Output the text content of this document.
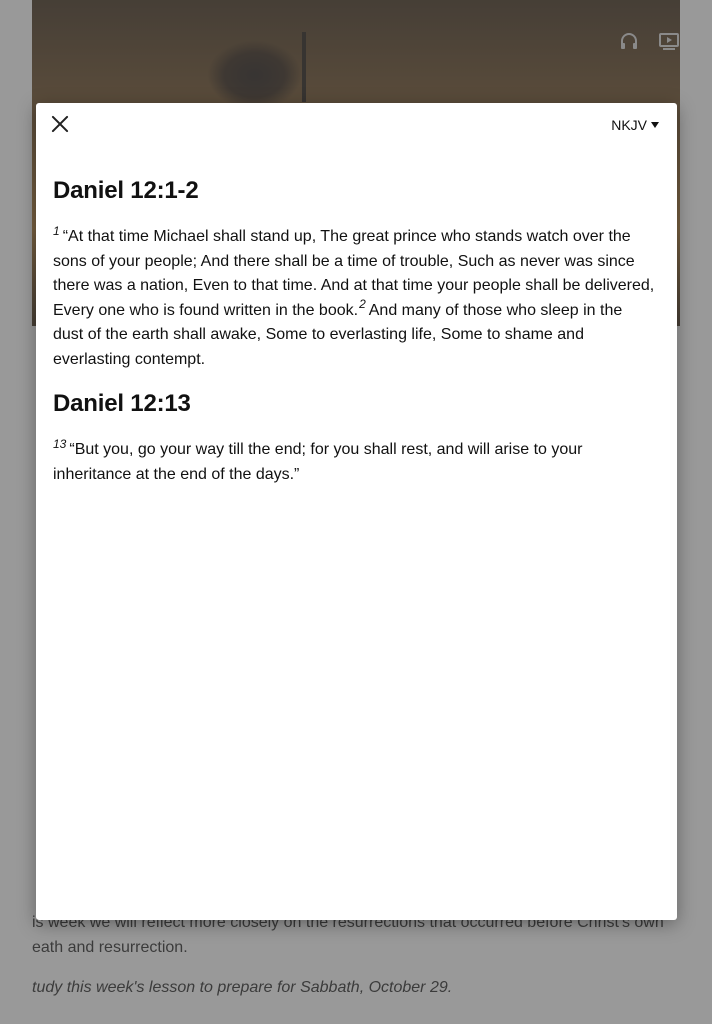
NKJV
Daniel 12:1-2

$^1$ “At that time Michael shall stand up, The great prince who stands watch over the sons of your people; And there shall be a time of trouble, Such as never was since there was a nation, Even to that time. And at that time your people shall be delivered, Every one who is found written in the book.$^2$ And many of those who sleep in the dust of the earth shall awake, Some to everlasting life, Some to shame and everlasting contempt.

Daniel 12:13

$^{13}$ “But you, go your way till the end; for you shall rest, and will arise to your inheritance at the end of the days.”
